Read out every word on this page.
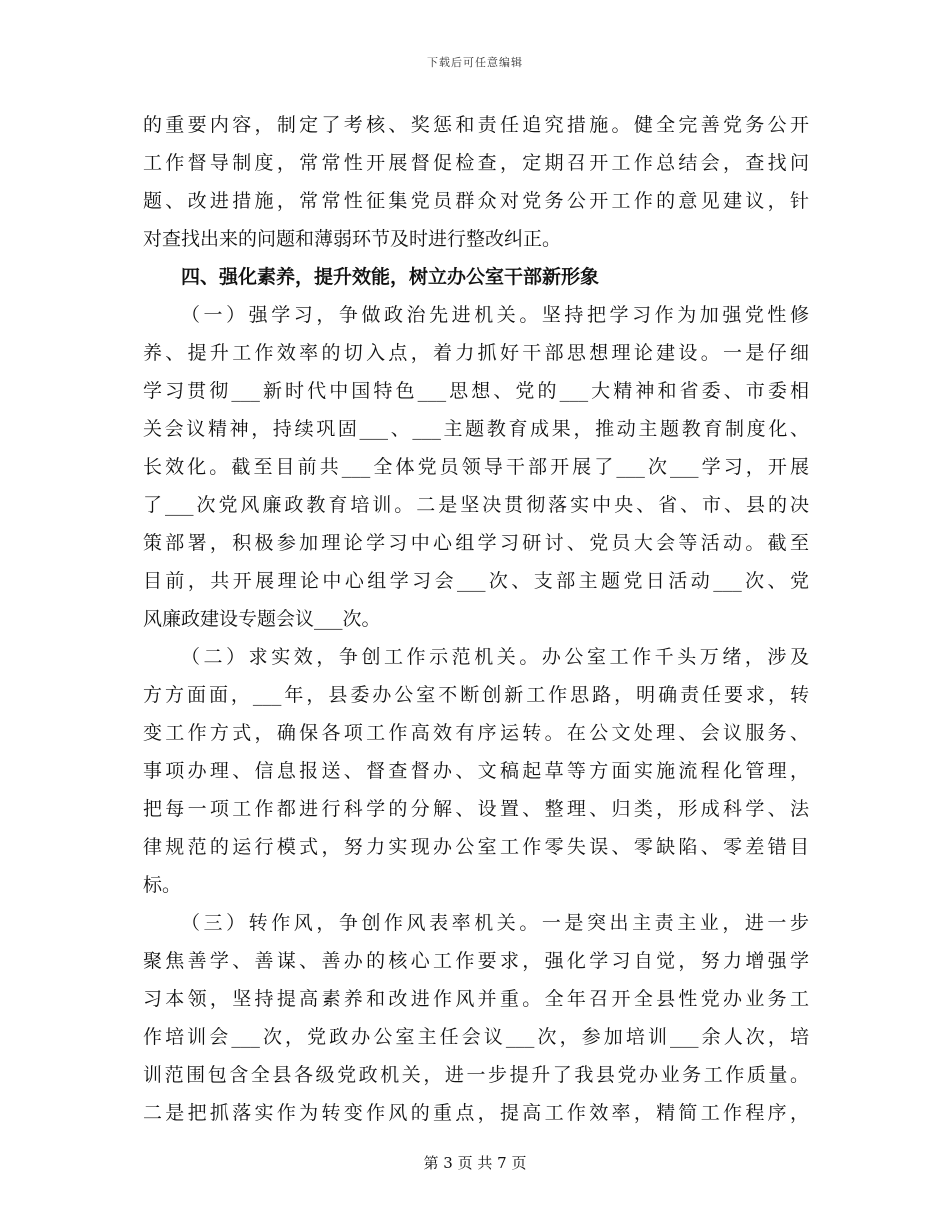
下载后可任意编辑
的重要内容，制定了考核、奖惩和责任追究措施。健全完善党务公开
工作督导制度，常常性开展督促检查，定期召开工作总结会，查找问
题、改进措施，常常性征集党员群众对党务公开工作的意见建议，针
对查找出来的问题和薄弱环节及时进行整改纠正。
四、强化素养，提升效能，树立办公室干部新形象
（一）强学习，争做政治先进机关。坚持把学习作为加强党性修
养、提升工作效率的切入点，着力抓好干部思想理论建设。一是仔细
学习贯彻___新时代中国特色___思想、党的___大精神和省委、市委相
关会议精神，持续巩固___、___主题教育成果，推动主题教育制度化、
长效化。截至目前共___全体党员领导干部开展了___次___学习，开展
了___次党风廉政教育培训。二是坚决贯彻落实中央、省、市、县的决
策部署，积极参加理论学习中心组学习研讨、党员大会等活动。截至
目前，共开展理论中心组学习会___次、支部主题党日活动___次、党
风廉政建设专题会议___次。
（二）求实效，争创工作示范机关。办公室工作千头万绪，涉及
方方面面，___年，县委办公室不断创新工作思路，明确责任要求，转
变工作方式，确保各项工作高效有序运转。在公文处理、会议服务、
事项办理、信息报送、督查督办、文稿起草等方面实施流程化管理，
把每一项工作都进行科学的分解、设置、整理、归类，形成科学、法
律规范的运行模式，努力实现办公室工作零失误、零缺陷、零差错目
标。
（三）转作风，争创作风表率机关。一是突出主责主业，进一步
聚焦善学、善谋、善办的核心工作要求，强化学习自觉，努力增强学
习本领，坚持提高素养和改进作风并重。全年召开全县性党办业务工
作培训会___次，党政办公室主任会议___次，参加培训___余人次，培
训范围包含全县各级党政机关，进一步提升了我县党办业务工作质量。
二是把抓落实作为转变作风的重点，提高工作效率，精简工作程序，
第 3 页 共 7 页
